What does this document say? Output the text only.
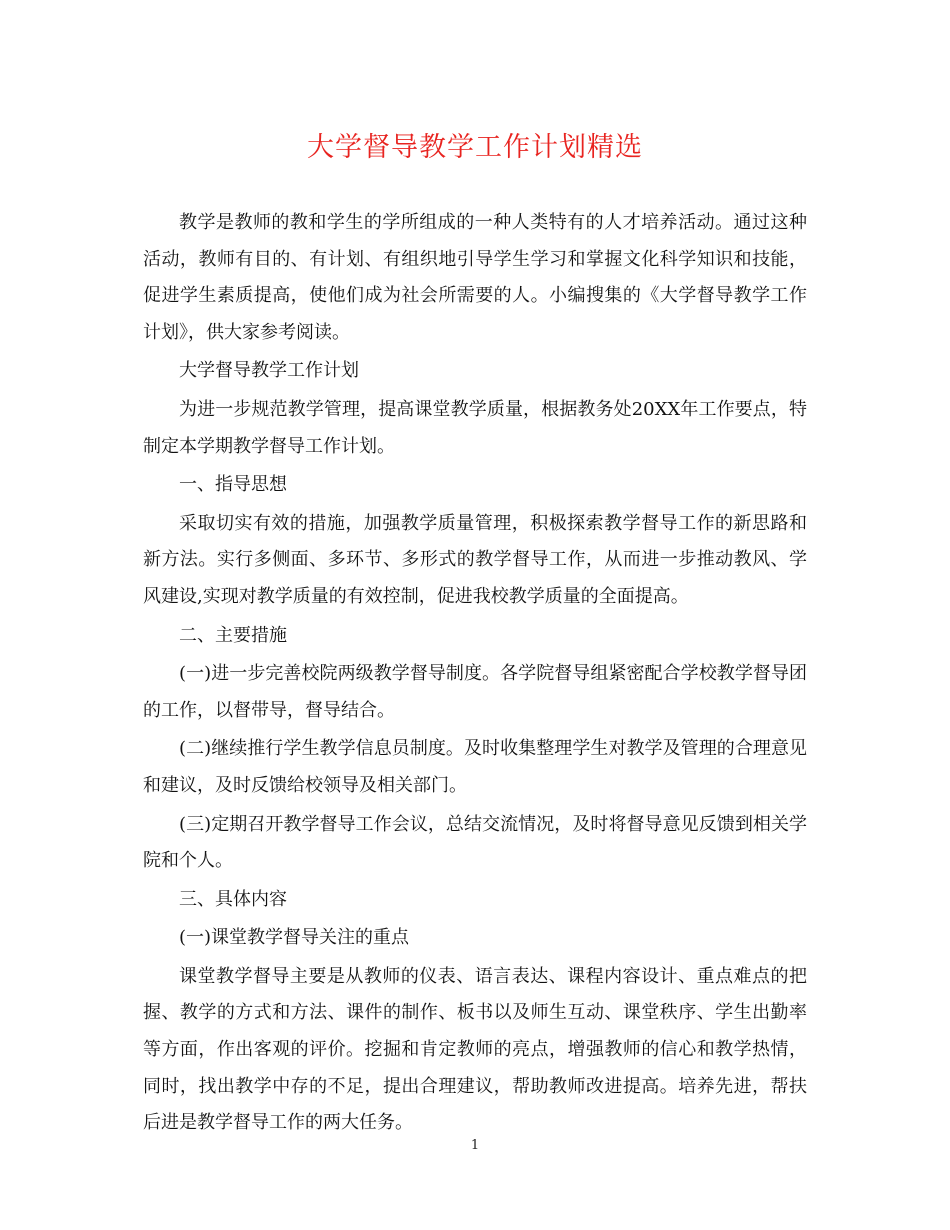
大学督导教学工作计划精选

教学是教师的教和学生的学所组成的一种人类特有的人才培养活动。通过这种活动，教师有目的、有计划、有组织地引导学生学习和掌握文化科学知识和技能，促进学生素质提高，使他们成为社会所需要的人。小编搜集的《大学督导教学工作计划》，供大家参考阅读。

大学督导教学工作计划

为进一步规范教学管理，提高课堂教学质量，根据教务处20XX年工作要点，特制定本学期教学督导工作计划。

一、指导思想

采取切实有效的措施，加强教学质量管理，积极探索教学督导工作的新思路和新方法。实行多侧面、多环节、多形式的教学督导工作，从而进一步推动教风、学风建设,实现对教学质量的有效控制，促进我校教学质量的全面提高。

二、主要措施

(一)进一步完善校院两级教学督导制度。各学院督导组紧密配合学校教学督导团的工作，以督带导，督导结合。

(二)继续推行学生教学信息员制度。及时收集整理学生对教学及管理的合理意见和建议，及时反馈给校领导及相关部门。

(三)定期召开教学督导工作会议，总结交流情况，及时将督导意见反馈到相关学院和个人。

三、具体内容

(一)课堂教学督导关注的重点

课堂教学督导主要是从教师的仪表、语言表达、课程内容设计、重点难点的把握、教学的方式和方法、课件的制作、板书以及师生互动、课堂秩序、学生出勤率等方面，作出客观的评价。挖掘和肯定教师的亮点，增强教师的信心和教学热情，同时，找出教学中存的不足，提出合理建议，帮助教师改进提高。培养先进，帮扶后进是教学督导工作的两大任务。

1
